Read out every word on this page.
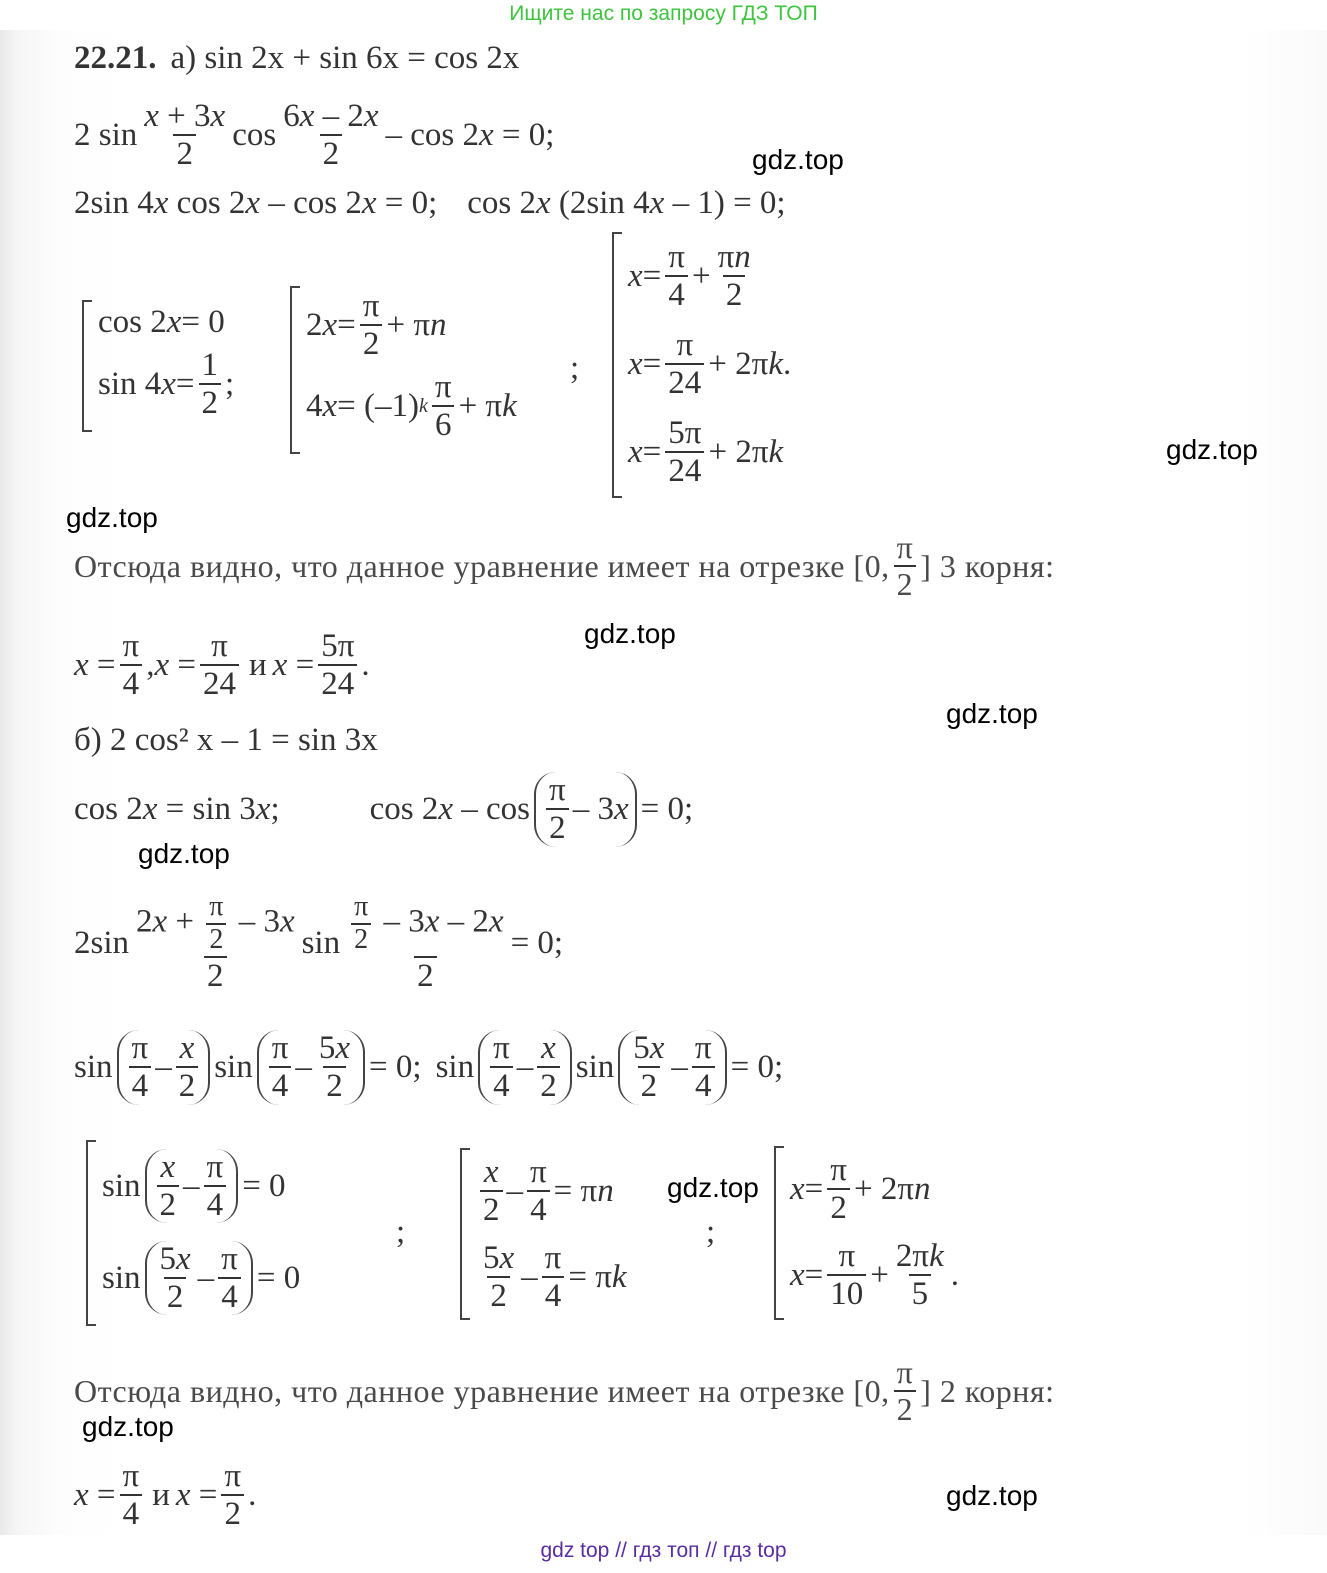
Ищите нас по запросу ГДЗ ТОП
gdz.top
gdz.top
gdz.top
gdz.top
gdz.top
gdz.top
gdz.top
gdz.top
gdz.top
22.21. а) sin 2x + sin 6x = cos 2x
2 $\sin \frac{x + 3x}{2}$ $\cos \frac{6x - 2x}{2} - \cos 2x = 0$;
2sin 4x cos 2x – cos 2x = 0; cos 2x (2sin 4x – 1) = 0;
cos 2 x = 0
sin 4 $x = \frac{1}{2}$ ;
2 $x = \frac{\pi}{2} + \pi$ n
4 x = (–1) k $\frac{\pi}{6} + \pi$ k
;
$x = \frac{\pi}{4} + \frac{\pi n}{2}$
$x = \frac{\pi}{24} + 2\pi$ k .
$x = \frac{5\pi}{24} + 2\pi$ k
Отсюда видно, что данное уравнение имеет на отрезке [0, $\frac{\pi}{2}$ ] 3 корня:
$x = \frac{\pi}{4}$ , $x = \frac{\pi}{24}$ и $x = \frac{5\pi}{24}$ .
б) 2 cos² x – 1 = sin 3x
cos 2x = sin 3x;	$\cos 2x - \cos \frac{\pi}{2} - 3$ x = 0;
$2\sin \frac{2x + \frac{\pi}{2} - 3x}{2}$ $\sin \frac{\frac{\pi}{2} - 3x - 2x}{2} = 0$;
$\sin \frac{\pi}{4} - \frac{x}{2}$ $\sin \frac{\pi}{4} - \frac{5x}{2} = 0$; $\sin \frac{\pi}{4} - \frac{x}{2}$ $\sin \frac{5x}{2} - \frac{\pi}{4} = 0$;
$\sin \frac{x}{2} - \frac{\pi}{4} = 0$
$\sin \frac{5x}{2} - \frac{\pi}{4} = 0$
;
$\frac{x}{2} - \frac{\pi}{4} = \pi$ n
$\frac{5x}{2} - \frac{\pi}{4} = \pi$ k
;
$x = \frac{\pi}{2} + 2\pi$ n
$x = \frac{\pi}{10} + \frac{2\pi k}{5}$ .
Отсюда видно, что данное уравнение имеет на отрезке [0, $\frac{\pi}{2}$ ] 2 корня:
$x = \frac{\pi}{4}$ и $x = \frac{\pi}{2}$ .
gdz top // гдз топ // гдз top
